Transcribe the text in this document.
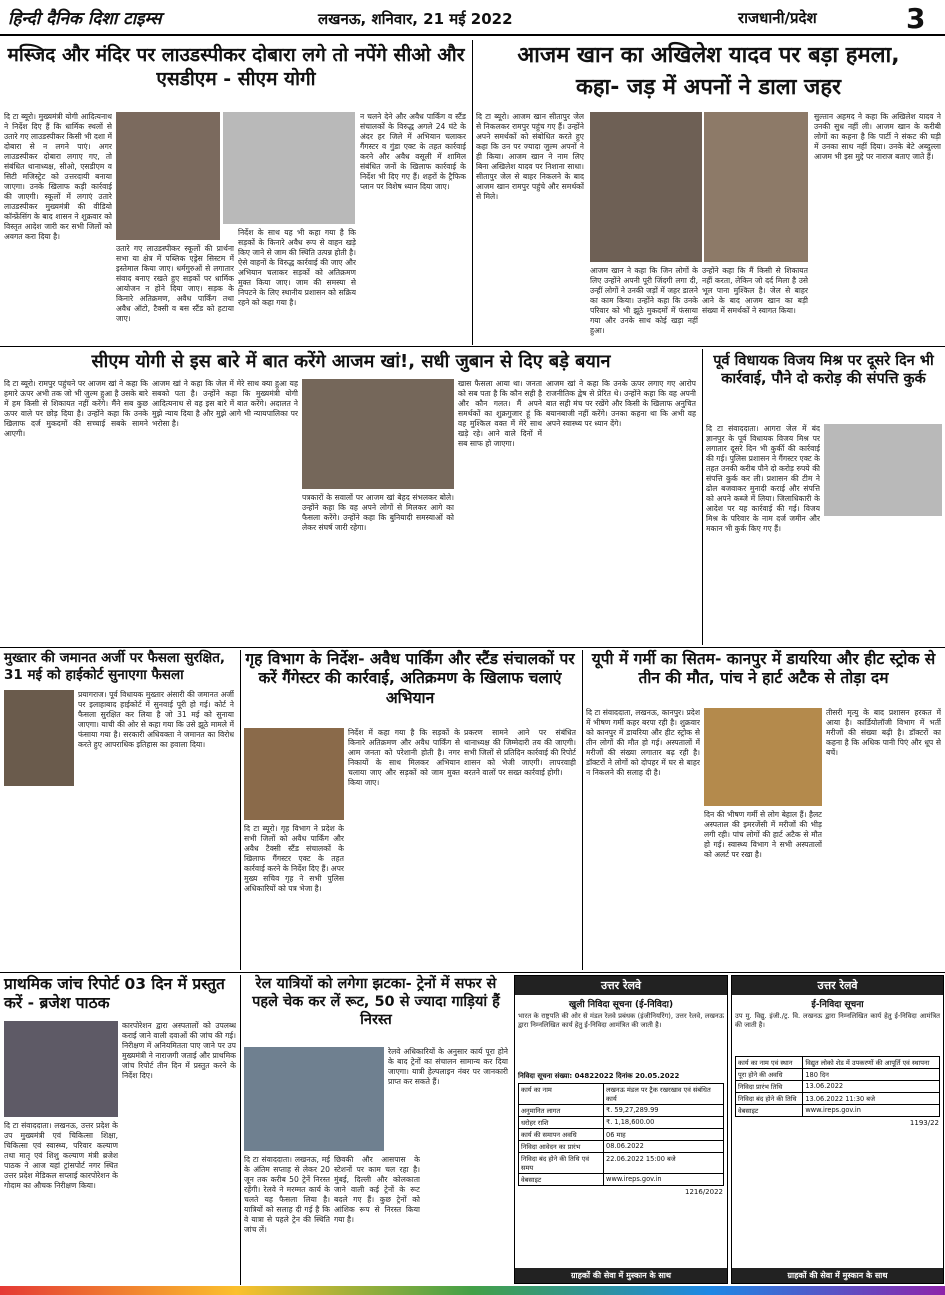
हिन्दी दैनिक दिशा टाइम्स	लखनऊ, शनिवार, 21 मई 2022	राजधानी/प्रदेश	3
मस्जिद और मंदिर पर लाउडस्पीकर दोबारा लगे तो नपेंगे सीओ और एसडीएम - सीएम योगी
दि टा ब्यूरो। मुख्यमंत्री योगी आदित्यनाथ ने निर्देश दिए हैं कि धार्मिक स्थलों से उतारे गए लाउडस्पीकर किसी भी दशा में दोबारा से न लगने पाएं। अगर लाउडस्पीकर दोबारा लगाए गए, तो संबंधित थानाध्यक्ष, सीओ, एसडीएम व सिटी मजिस्ट्रेट को उत्तरदायी बनाया जाएगा। उनके खिलाफ कड़ी कार्रवाई की जाएगी। स्कूलों में लगाएं उतारे लाउडस्पीकर मुख्यमंत्री की वीडियो कॉन्फ्रेंसिंग के बाद शासन ने शुक्रवार को विस्तृत आदेश जारी कर सभी जिलों को अवगत करा दिया है।
उतारे गए लाउडस्पीकर स्कूलों की प्रार्थना सभा या क्षेत्र में पब्लिक एड्रेस सिस्टम में इस्तेमाल किया जाए। धर्मगुरुओं से लगातार संवाद बनाए रखते हुए सड़कों पर धार्मिक आयोजन न होने दिया जाए। सड़क के किनारे अतिक्रमण, अवैध पार्किंग तथा अवैध ऑटो, टैक्सी व बस स्टैंड को हटाया जाए।
निर्देश के साथ यह भी कहा गया है कि सड़कों के किनारे अवैध रूप से वाहन खड़े किए जाने से जाम की स्थिति उत्पन्न होती है। ऐसे वाहनों के विरुद्ध कार्रवाई की जाए और अभियान चलाकर सड़कों को अतिक्रमण मुक्त किया जाए। जाम की समस्या से निपटने के लिए स्थानीय प्रशासन को सक्रिय रहने को कहा गया है।
न चलने देने और अवैध पार्किंग व स्टैंड संचालकों के विरुद्ध अगले 24 घंटे के अंदर हर जिले में अभियान चलाकर गैंगस्टर व गुंडा एक्ट के तहत कार्रवाई करने और अवैध वसूली में शामिल संबंधित जनों के खिलाफ कार्रवाई के निर्देश भी दिए गए हैं। शहरों के ट्रैफिक प्लान पर विशेष ध्यान दिया जाए।
आजम खान का अखिलेश यादव पर बड़ा हमला,
कहा- जड़ में अपनों ने डाला जहर
दि टा ब्यूरो। आजम खान सीतापुर जेल से निकलकर रामपुर पहुंच गए हैं। उन्होंने अपने समर्थकों को संबोधित करते हुए कहा कि उन पर ज्यादा जुल्म अपनों ने ही किया। आजम खान ने नाम लिए बिना अखिलेश यादव पर निशाना साधा। सीतापुर जेल से बाहर निकलने के बाद आजम खान रामपुर पहुंचे और समर्थकों से मिले।
आजम खान ने कहा कि जिन लोगों के लिए उन्होंने अपनी पूरी जिंदगी लगा दी, उन्हीं लोगों ने उनकी जड़ों में जहर डालने का काम किया। उन्होंने कहा कि उनके परिवार को भी झूठे मुकदमों में फंसाया गया और उनके साथ कोई खड़ा नहीं हुआ।
उन्होंने कहा कि मैं किसी से शिकायत नहीं करता, लेकिन जो दर्द मिला है उसे भूल पाना मुश्किल है। जेल से बाहर आने के बाद आजम खान का बड़ी संख्या में समर्थकों ने स्वागत किया।
सुल्तान अहमद ने कहा कि अखिलेश यादव ने उनकी सुध नहीं ली। आजम खान के करीबी लोगों का कहना है कि पार्टी ने संकट की घड़ी में उनका साथ नहीं दिया। उनके बेटे अब्दुल्ला आजम भी इस मुद्दे पर नाराज बताए जाते हैं।
सीएम योगी से इस बारे में बात करेंगे आजम खां!, सधी जुबान से दिए बड़े बयान
दि टा ब्यूरो। रामपुर पहुंचने पर आजम खां ने कहा कि हमारे ऊपर अभी तक जो भी जुल्म हुआ है उसके बारे में हम किसी से शिकायत नहीं करेंगे। मैंने सब कुछ ऊपर वाले पर छोड़ दिया है। उन्होंने कहा कि उनके खिलाफ दर्ज मुकदमों की सच्चाई सबके सामने आएगी।
आजम खां ने कहा कि जेल में मेरे साथ क्या हुआ यह सबको पता है। उन्होंने कहा कि मुख्यमंत्री योगी आदित्यनाथ से वह इस बारे में बात करेंगे। अदालत ने मुझे न्याय दिया है और मुझे आगे भी न्यायपालिका पर भरोसा है।
पत्रकारों के सवालों पर आजम खां बेहद संभलकर बोले। उन्होंने कहा कि वह अपने लोगों से मिलकर आगे का फैसला करेंगे। उन्होंने कहा कि बुनियादी समस्याओं को लेकर संघर्ष जारी रहेगा।
खास फैसला आया था। जनता को सब पता है कि कौन सही है और कौन गलत। मैं अपने समर्थकों का शुक्रगुजार हूं कि वह मुश्किल वक्त में मेरे साथ खड़े रहे। आने वाले दिनों में सब साफ हो जाएगा।
आजम खां ने कहा कि उनके ऊपर लगाए गए आरोप राजनीतिक द्वेष से प्रेरित थे। उन्होंने कहा कि वह अपनी बात सही मंच पर रखेंगे और किसी के खिलाफ अनुचित बयानबाजी नहीं करेंगे। उनका कहना था कि अभी वह अपने स्वास्थ्य पर ध्यान देंगे।
पूर्व विधायक विजय मिश्र पर दूसरे दिन भी कार्रवाई, पौने दो करोड़ की संपत्ति कुर्क
दि टा संवाददाता। आगरा जेल में बंद ज्ञानपुर के पूर्व विधायक विजय मिश्र पर लगातार दूसरे दिन भी कुर्की की कार्रवाई की गई। पुलिस प्रशासन ने गैंगस्टर एक्ट के तहत उनकी करीब पौने दो करोड़ रुपये की संपत्ति कुर्क कर ली। प्रशासन की टीम ने ढोल बजवाकर मुनादी कराई और संपत्ति को अपने कब्जे में लिया। जिलाधिकारी के आदेश पर यह कार्रवाई की गई। विजय मिश्र के परिवार के नाम दर्ज जमीन और मकान भी कुर्क किए गए हैं।
मुख्तार की जमानत अर्जी पर फैसला सुरक्षित, 31 मई को हाईकोर्ट सुनाएगा फैसला
प्रयागराज। पूर्व विधायक मुख्तार अंसारी की जमानत अर्जी पर इलाहाबाद हाईकोर्ट में सुनवाई पूरी हो गई। कोर्ट ने फैसला सुरक्षित कर लिया है जो 31 मई को सुनाया जाएगा। याची की ओर से कहा गया कि उसे झूठे मामले में फंसाया गया है। सरकारी अधिवक्ता ने जमानत का विरोध करते हुए आपराधिक इतिहास का हवाला दिया।
गृह विभाग के निर्देश- अवैध पार्किंग और स्टैंड संचालकों पर करें गैंगेस्टर की कार्रवाई, अतिक्रमण के खिलाफ चलाएं अभियान
दि टा ब्यूरो। गृह विभाग ने प्रदेश के सभी जिलों को अवैध पार्किंग और अवैध टैक्सी स्टैंड संचालकों के खिलाफ गैंगस्टर एक्ट के तहत कार्रवाई करने के निर्देश दिए हैं। अपर मुख्य सचिव गृह ने सभी पुलिस अधिकारियों को पत्र भेजा है।
निर्देश में कहा गया है कि सड़कों के किनारे अतिक्रमण और अवैध पार्किंग से आम जनता को परेशानी होती है। नगर निकायों के साथ मिलकर अभियान चलाया जाए और सड़कों को जाम मुक्त किया जाए।
प्रकरण सामने आने पर संबंधित थानाध्यक्ष की जिम्मेदारी तय की जाएगी। सभी जिलों से प्रतिदिन कार्रवाई की रिपोर्ट शासन को भेजी जाएगी। लापरवाही बरतने वालों पर सख्त कार्रवाई होगी।
यूपी में गर्मी का सितम- कानपुर में डायरिया और हीट स्ट्रोक से तीन की मौत, पांच ने हार्ट अटैक से तोड़ा दम
दि टा संवाददाता, लखनऊ, कानपुर। प्रदेश में भीषण गर्मी कहर बरपा रही है। शुक्रवार को कानपुर में डायरिया और हीट स्ट्रोक से तीन लोगों की मौत हो गई। अस्पतालों में मरीजों की संख्या लगातार बढ़ रही है। डॉक्टरों ने लोगों को दोपहर में घर से बाहर न निकलने की सलाह दी है।
दिन की भीषण गर्मी से लोग बेहाल हैं। हैलट अस्पताल की इमरजेंसी में मरीजों की भीड़ लगी रही। पांच लोगों की हार्ट अटैक से मौत हो गई। स्वास्थ्य विभाग ने सभी अस्पतालों को अलर्ट पर रखा है।
तीसरी मृत्यु के बाद प्रशासन हरकत में आया है। कार्डियोलॉजी विभाग में भर्ती मरीजों की संख्या बढ़ी है। डॉक्टरों का कहना है कि अधिक पानी पिएं और धूप से बचें।
प्राथमिक जांच रिपोर्ट 03 दिन में प्रस्तुत करें - ब्रजेश पाठक
दि टा संवाददाता। लखनऊ, उत्तर प्रदेश के उप मुख्यमंत्री एवं चिकित्सा शिक्षा, चिकित्सा एवं स्वास्थ्य, परिवार कल्याण तथा मातृ एवं शिशु कल्याण मंत्री ब्रजेश पाठक ने आज यहां ट्रांसपोर्ट नगर स्थित उत्तर प्रदेश मेडिकल सप्लाई कारपोरेशन के गोदाम का औचक निरीक्षण किया।
कारपोरेशन द्वारा अस्पतालों को उपलब्ध कराई जाने वाली दवाओं की जांच की गई। निरीक्षण में अनियमितता पाए जाने पर उप मुख्यमंत्री ने नाराजगी जताई और प्राथमिक जांच रिपोर्ट तीन दिन में प्रस्तुत करने के निर्देश दिए।
रेल यात्रियों को लगेगा झटका- ट्रेनों में सफर से पहले चेक कर लें रूट, 50 से ज्यादा गाड़ियां हैं निरस्त
दि टा संवाददाता। लखनऊ, मई के अंतिम सप्ताह से लेकर 20 जून तक करीब 50 ट्रेनें निरस्त रहेंगी। रेलवे ने मरम्मत कार्य के चलते यह फैसला लिया है। यात्रियों को सलाह दी गई है कि वे यात्रा से पहले ट्रेन की स्थिति जांच लें।
छिवकी और आसपास के स्टेशनों पर काम चल रहा है। मुंबई, दिल्ली और कोलकाता जाने वाली कई ट्रेनों के रूट बदले गए हैं। कुछ ट्रेनों को आंशिक रूप से निरस्त किया गया है।
रेलवे अधिकारियों के अनुसार कार्य पूरा होने के बाद ट्रेनों का संचालन सामान्य कर दिया जाएगा। यात्री हेल्पलाइन नंबर पर जानकारी प्राप्त कर सकते हैं।
उत्तर रेलवे
खुली निविदा सूचना (ई-निविदा)
भारत के राष्ट्रपति की ओर से मंडल रेलवे प्रबंधक (इंजीनियरिंग), उत्तर रेलवे, लखनऊ द्वारा निम्नलिखित कार्य हेतु ई-निविदा आमंत्रित की जाती है।
निविदा सूचना संख्या: 04822022 दिनांक 20.05.2022
कार्य का नाम	लखनऊ मंडल पर ट्रैक रखरखाव एवं संबंधित कार्य
अनुमानित लागत	₹. 59,27,289.99
धरोहर राशि	₹. 1,18,600.00
कार्य की समापन अवधि	06 माह
निविदा आवेदन का प्रारंभ	08.06.2022
निविदा बंद होने की तिथि एवं समय	22.06.2022 15:00 बजे
वेबसाइट	www.ireps.gov.in
1216/2022
ग्राहकों की सेवा में मुस्कान के साथ
उत्तर रेलवे
ई-निविदा सूचना
उप मु. विद्यु. इंजी./ट्र. वि. लखनऊ द्वारा निम्नलिखित कार्य हेतु ई-निविदा आमंत्रित की जाती है।
कार्य का नाम एवं स्थान	विद्युत लोको शेड में उपकरणों की आपूर्ति एवं स्थापना
पूरा होने की अवधि	180 दिन
निविदा प्रारंभ तिथि	13.06.2022
निविदा बंद होने की तिथि	13.06.2022 11:30 बजे
वेबसाइट	www.ireps.gov.in
1193/22
ग्राहकों की सेवा में मुस्कान के साथ
